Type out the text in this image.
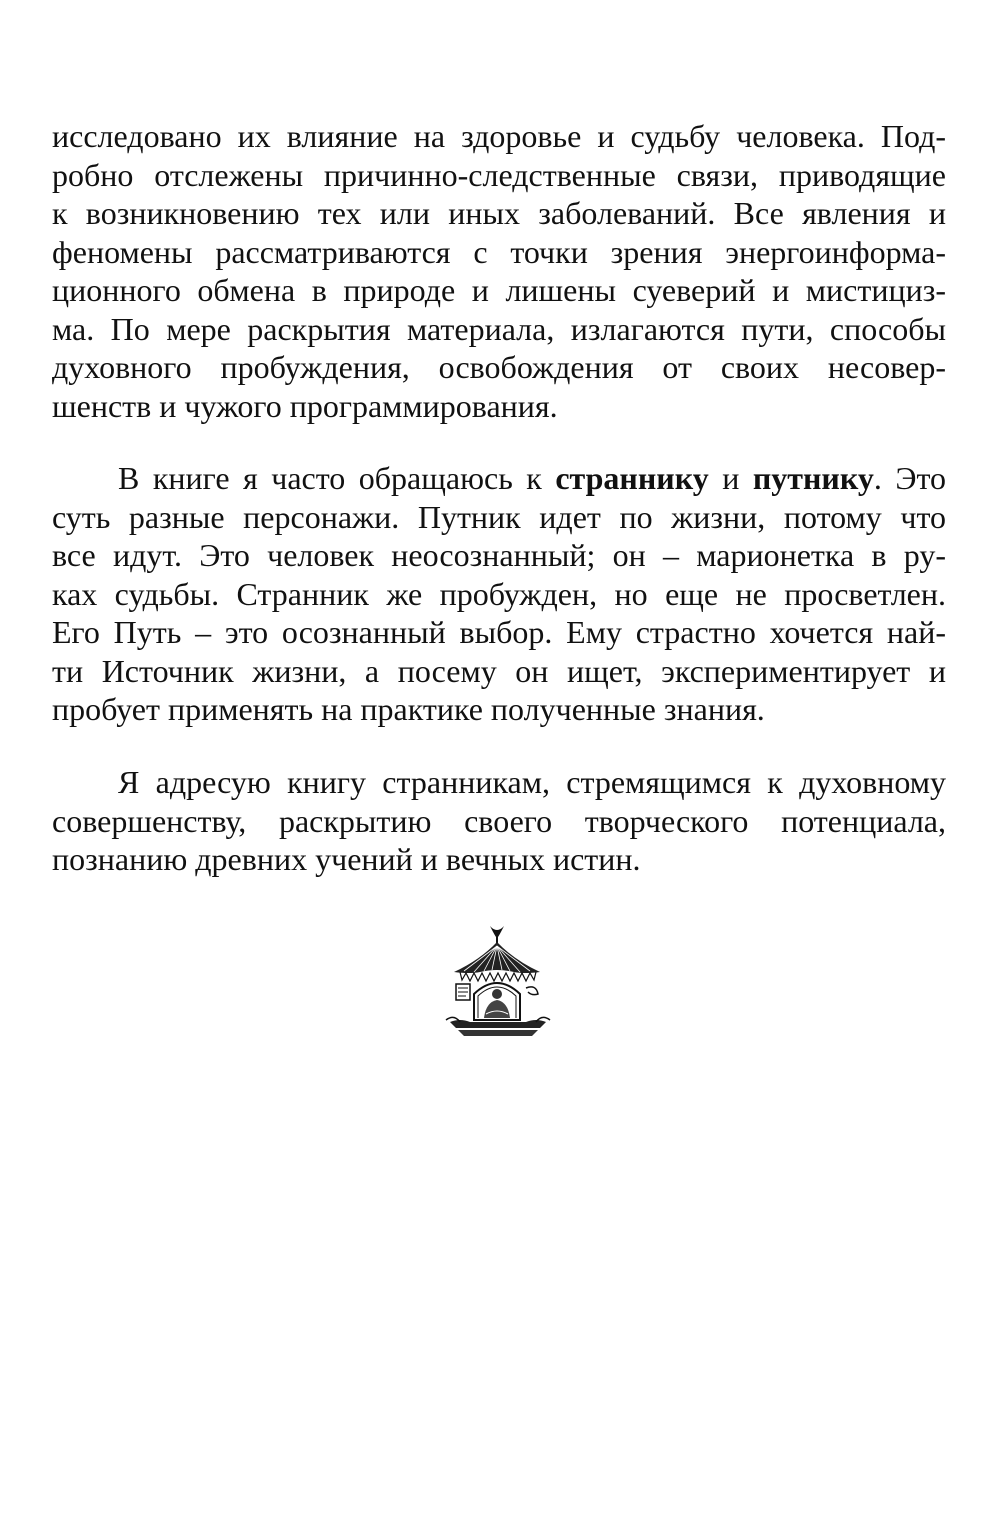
исследовано их влияние на здоровье и судьбу человека. Под-
робно отслежены причинно-следственные связи, приводящие
к возникновению тех или иных заболеваний. Все явления и
феномены рассматриваются с точки зрения энергоинформа-
ционного обмена в природе и лишены суеверий и мистициз-
ма. По мере раскрытия материала, излагаются пути, способы
духовного пробуждения, освобождения от своих несовер-
шенств и чужого программирования.
В книге я часто обращаюсь к страннику и путнику. Это
суть разные персонажи. Путник идет по жизни, потому что
все идут. Это человек неосознанный; он – марионетка в ру-
ках судьбы. Странник же пробужден, но еще не просветлен.
Его Путь – это осознанный выбор. Ему страстно хочется най-
ти Источник жизни, а посему он ищет, экспериментирует и
пробует применять на практике полученные знания.
Я адресую книгу странникам, стремящимся к духовному
совершенству, раскрытию своего творческого потенциала,
познанию древних учений и вечных истин.
